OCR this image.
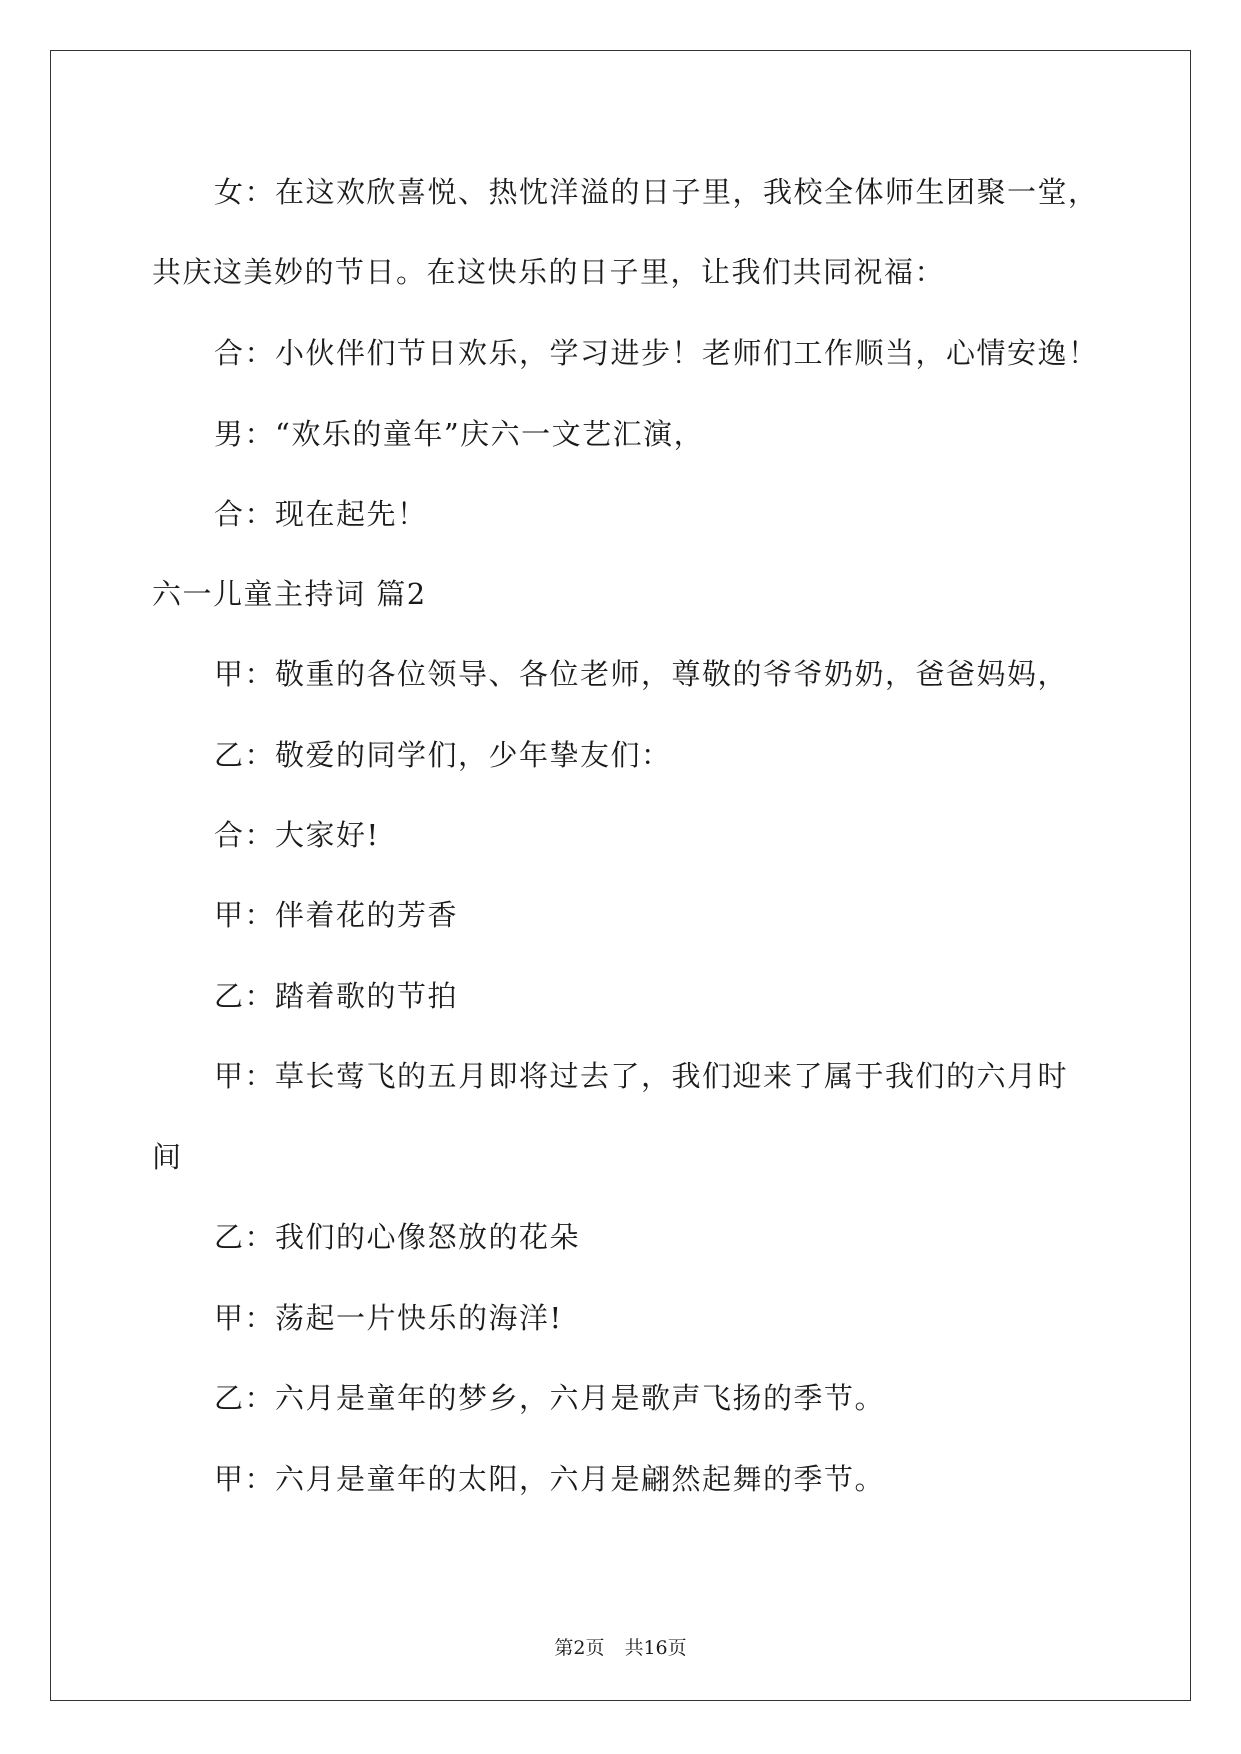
女：在这欢欣喜悦、热忱洋溢的日子里，我校全体师生团聚一堂，
共庆这美妙的节日。在这快乐的日子里，让我们共同祝福：
合：小伙伴们节日欢乐，学习进步！老师们工作顺当，心情安逸！
男：“欢乐的童年”庆六一文艺汇演，
合：现在起先！
六一儿童主持词 篇2
甲：敬重的各位领导、各位老师，尊敬的爷爷奶奶，爸爸妈妈，
乙：敬爱的同学们，少年挚友们：
合：大家好!
甲：伴着花的芳香
乙：踏着歌的节拍
甲：草长莺飞的五月即将过去了，我们迎来了属于我们的六月时
间
乙：我们的心像怒放的花朵
甲：荡起一片快乐的海洋!
乙：六月是童年的梦乡，六月是歌声飞扬的季节。
甲：六月是童年的太阳，六月是翩然起舞的季节。
第2页 共16页
